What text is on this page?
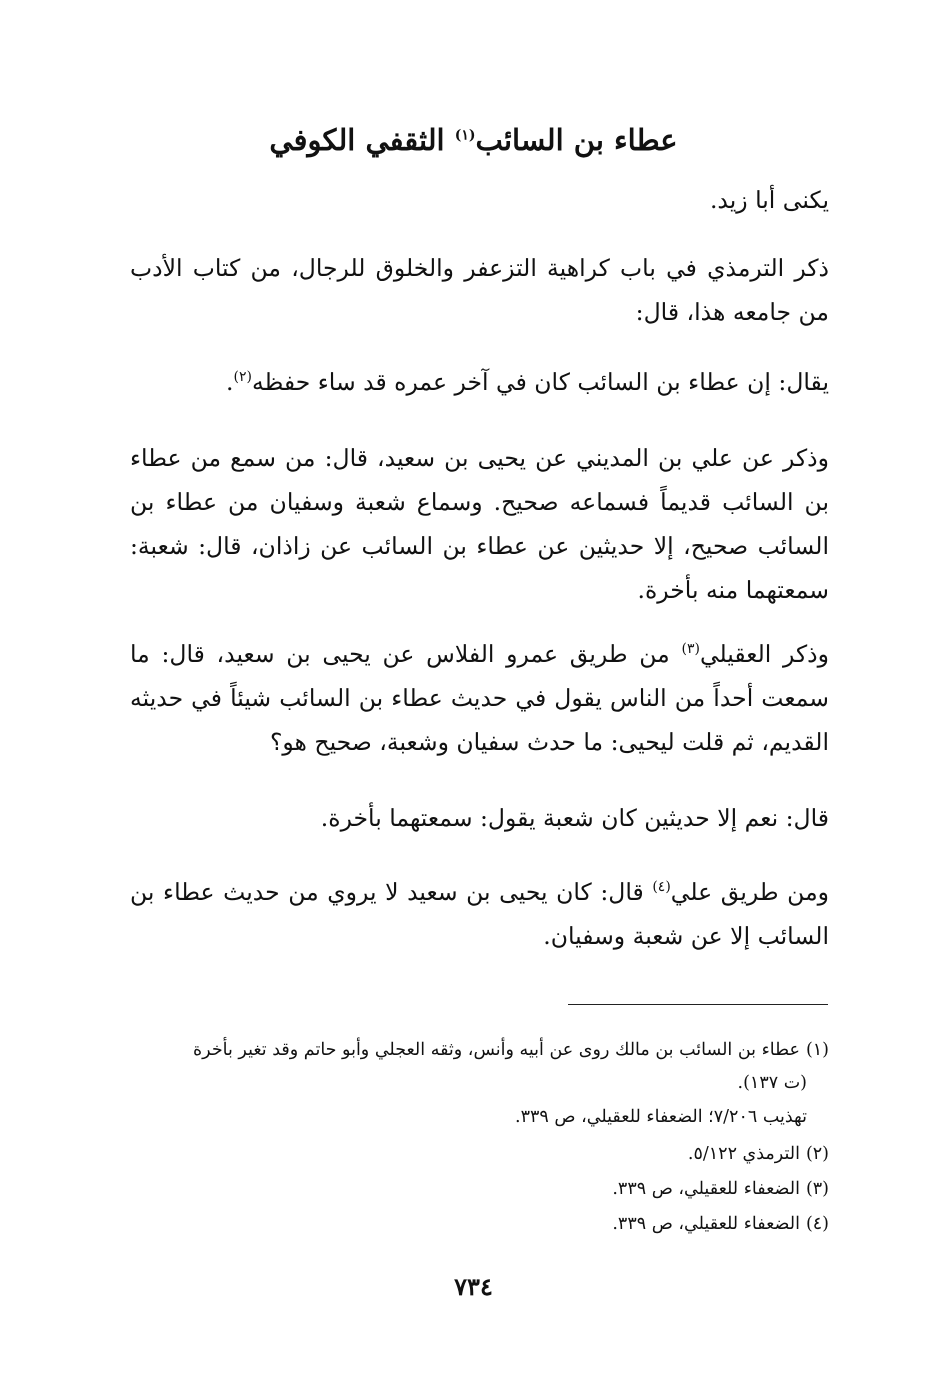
عطاء بن السائب$^{(١)}$ الثقفي الكوفي

يكنى أبا زيد.

ذكر الترمذي في باب كراهية التزعفر والخلوق للرجال، من كتاب الأدب من جامعه هذا، قال:

يقال: إن عطاء بن السائب كان في آخر عمره قد ساء حفظه$^{(٢)}$.

وذكر عن علي بن المديني عن يحيى بن سعيد، قال: من سمع من عطاء بن السائب قديماً فسماعه صحيح. وسماع شعبة وسفيان من عطاء بن السائب صحيح، إلا حديثين عن عطاء بن السائب عن زاذان، قال: شعبة: سمعتهما منه بأخرة.

وذكر العقيلي$^{(٣)}$ من طريق عمرو الفلاس عن يحيى بن سعيد، قال: ما سمعت أحداً من الناس يقول في حديث عطاء بن السائب شيئاً في حديثه القديم، ثم قلت ليحيى: ما حدث سفيان وشعبة، صحيح هو؟

قال: نعم إلا حديثين كان شعبة يقول: سمعتهما بأخرة.

ومن طريق علي$^{(٤)}$ قال: كان يحيى بن سعيد لا يروي من حديث عطاء بن السائب إلا عن شعبة وسفيان.

(١)عطاء بن السائب بن مالك روى عن أبيه وأنس، وثقه العجلي وأبو حاتم وقد تغير بأخرة
(ت ١٣٧).
تهذيب ٧/٢٠٦؛ الضعفاء للعقيلي، ص ٣٣٩.
(٢)الترمذي ٥/١٢٢.
(٣)الضعفاء للعقيلي، ص ٣٣٩.
(٤)الضعفاء للعقيلي، ص ٣٣٩.
٧٣٤
